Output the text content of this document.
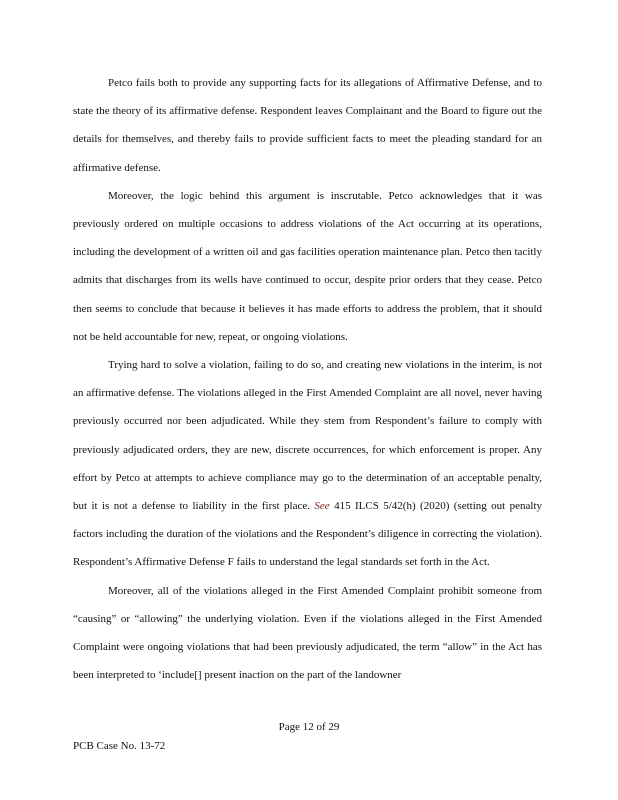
Petco fails both to provide any supporting facts for its allegations of Affirmative Defense, and to state the theory of its affirmative defense. Respondent leaves Complainant and the Board to figure out the details for themselves, and thereby fails to provide sufficient facts to meet the pleading standard for an affirmative defense.

Moreover, the logic behind this argument is inscrutable. Petco acknowledges that it was previously ordered on multiple occasions to address violations of the Act occurring at its operations, including the development of a written oil and gas facilities operation maintenance plan. Petco then tacitly admits that discharges from its wells have continued to occur, despite prior orders that they cease. Petco then seems to conclude that because it believes it has made efforts to address the problem, that it should not be held accountable for new, repeat, or ongoing violations.

Trying hard to solve a violation, failing to do so, and creating new violations in the interim, is not an affirmative defense. The violations alleged in the First Amended Complaint are all novel, never having previously occurred nor been adjudicated. While they stem from Respondent’s failure to comply with previously adjudicated orders, they are new, discrete occurrences, for which enforcement is proper. Any effort by Petco at attempts to achieve compliance may go to the determination of an acceptable penalty, but it is not a defense to liability in the first place. See 415 ILCS 5/42(h) (2020) (setting out penalty factors including the duration of the violations and the Respondent’s diligence in correcting the violation). Respondent’s Affirmative Defense F fails to understand the legal standards set forth in the Act.

Moreover, all of the violations alleged in the First Amended Complaint prohibit someone from “causing” or “allowing” the underlying violation. Even if the violations alleged in the First Amended Complaint were ongoing violations that had been previously adjudicated, the term “allow” in the Act has been interpreted to ‘include[] present inaction on the part of the landowner

Page 12 of 29
PCB Case No. 13-72
